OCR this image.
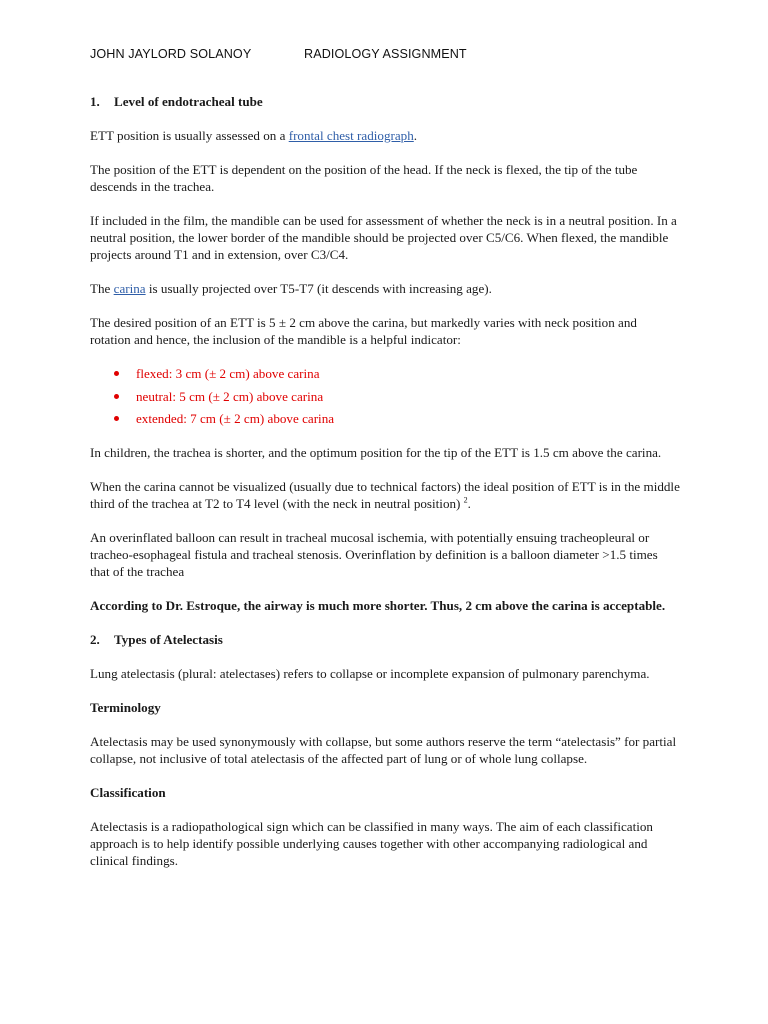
JOHN JAYLORD SOLANOY	RADIOLOGY ASSIGNMENT
1. Level of endotracheal tube

ETT position is usually assessed on a frontal chest radiograph.

The position of the ETT is dependent on the position of the head. If the neck is flexed, the tip of the tube descends in the trachea.

If included in the film, the mandible can be used for assessment of whether the neck is in a neutral position. In a neutral position, the lower border of the mandible should be projected over C5/C6. When flexed, the mandible projects around T1 and in extension, over C3/C4.

The carina is usually projected over T5-T7 (it descends with increasing age).

The desired position of an ETT is 5 ± 2 cm above the carina, but markedly varies with neck position and rotation and hence, the inclusion of the mandible is a helpful indicator:

flexed: 3 cm (± 2 cm) above carina
neutral: 5 cm (± 2 cm) above carina
extended: 7 cm (± 2 cm) above carina

In children, the trachea is shorter, and the optimum position for the tip of the ETT is 1.5 cm above the carina.

When the carina cannot be visualized (usually due to technical factors) the ideal position of ETT is in the middle third of the trachea at T2 to T4 level (with the neck in neutral position) $^2$.

An overinflated balloon can result in tracheal mucosal ischemia, with potentially ensuing tracheopleural or tracheo-esophageal fistula and tracheal stenosis. Overinflation by definition is a balloon diameter >1.5 times that of the trachea

According to Dr. Estroque, the airway is much more shorter. Thus, 2 cm above the carina is acceptable.

2. Types of Atelectasis

Lung atelectasis (plural: atelectases) refers to collapse or incomplete expansion of pulmonary parenchyma.

Terminology

Atelectasis may be used synonymously with collapse, but some authors reserve the term “atelectasis” for partial collapse, not inclusive of total atelectasis of the affected part of lung or of whole lung collapse.

Classification

Atelectasis is a radiopathological sign which can be classified in many ways. The aim of each classification approach is to help identify possible underlying causes together with other accompanying radiological and clinical findings.
